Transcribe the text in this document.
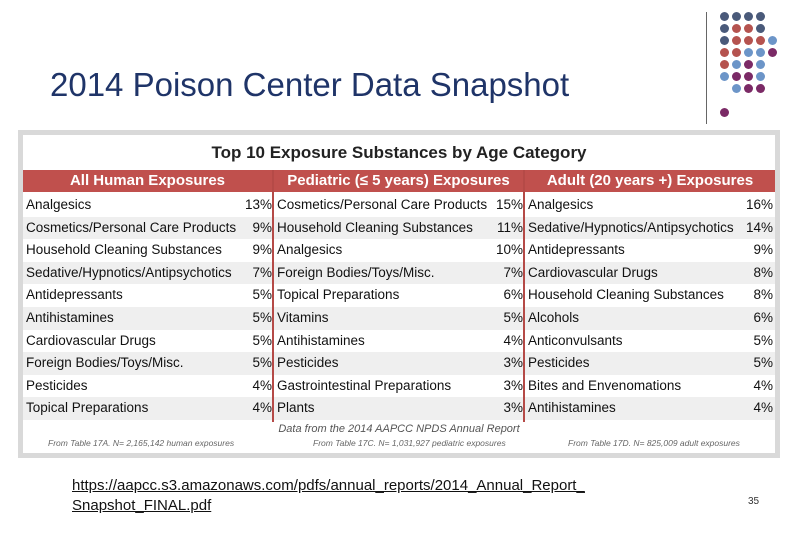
2014 Poison Center Data Snapshot
Top 10 Exposure Substances by Age Category
All Human Exposures	Pediatric (≤ 5 years) Exposures	Adult (20 years +) Exposures
Analgesics	13% Cosmetics/Personal Care Products 15% Analgesics	16%
Cosmetics/Personal Care Products	9% Household Cleaning Substances	11% Sedative/Hypnotics/Antipsychotics 14%
Household Cleaning Substances	9% Analgesics	10% Antidepressants	9%
Sedative/Hypnotics/Antipsychotics	7% Foreign Bodies/Toys/Misc.	7% Cardiovascular Drugs	8%
Antidepressants	5% Topical Preparations	6% Household Cleaning Substances	8%
Antihistamines	5% Vitamins	5% Alcohols	6%
Cardiovascular Drugs	5% Antihistamines	4% Anticonvulsants	5%
Foreign Bodies/Toys/Misc.	5% Pesticides	3% Pesticides	5%
Pesticides	4% Gastrointestinal Preparations	3% Bites and Envenomations	4%
Topical Preparations	4% Plants	3% Antihistamines	4%
Data from the 2014 AAPCC NPDS Annual Report
From Table 17A. N= 2,165,142 human exposures	From Table 17C. N= 1,031,927 pediatric exposures	From Table 17D. N= 825,009 adult exposures
https://aapcc.s3.amazonaws.com/pdfs/annual_reports/2014_Annual_Report_
Snapshot_FINAL.pdf	35
